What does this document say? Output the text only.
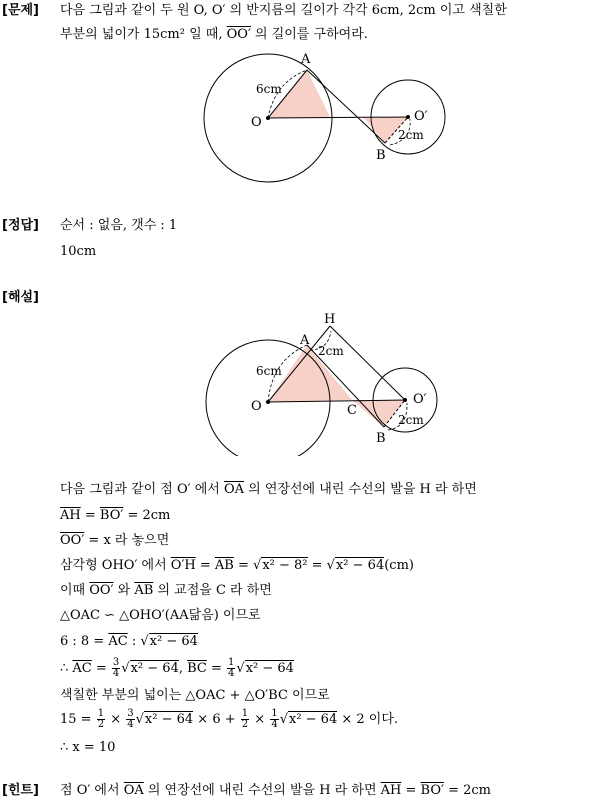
[문제] 다음 그림과 같이 두 원 O, O′ 의 반지름의 길이가 각각 6cm, 2cm 이고 색칠한
부분의 넓이가 15cm² 일 때, OO′ 의 길이를 구하여라.
A
B
O	O′
6cm
2cm
[정답] 순서 : 없음, 갯수 : 1
10cm
[해설]
H
A
C
B
O	O′
6cm
2cm
2cm
다음 그림과 같이 점 O′ 에서 $\overline{OA}$ 의 연장선에 내린 수선의 발을 H 라 하면
$\overline{AH} = BO' = 2cm$
OO′ = x 라 놓으면
삼각형 OHO′ 에서 $O'H = \overline{AB} = √x^2 - 8^2 = √x^2 - 64(cm)$
이때 OO′ 와 $\overline{AB}$ 의 교점을 C 라 하면
△OAC ∽ △OHO′(AA닮음) 이므로
6 : $8 = \overline{AC}$ : √x² − 64
∴ $\overline{AC} = \frac{3}{4} √x^2 - 64$, $\overline{BC} = \frac{1}{4} √x^2 - 64$
색칠한 부분의 넓이는 △OAC + △O′BC 이므로
$15 = \frac{1}{2} \times \frac{3}{4} √x^2 - 64 \times 6 + \frac{1}{2} \times \frac{1}{4} √x^2 - 64 \times 2$ 이다.
∴ x = 10
[힌트] 점 O′ 에서 $\overline{OA}$ 의 연장선에 내린 수선의 발을 H 라 하면 $\overline{AH} = BO' = 2cm$
